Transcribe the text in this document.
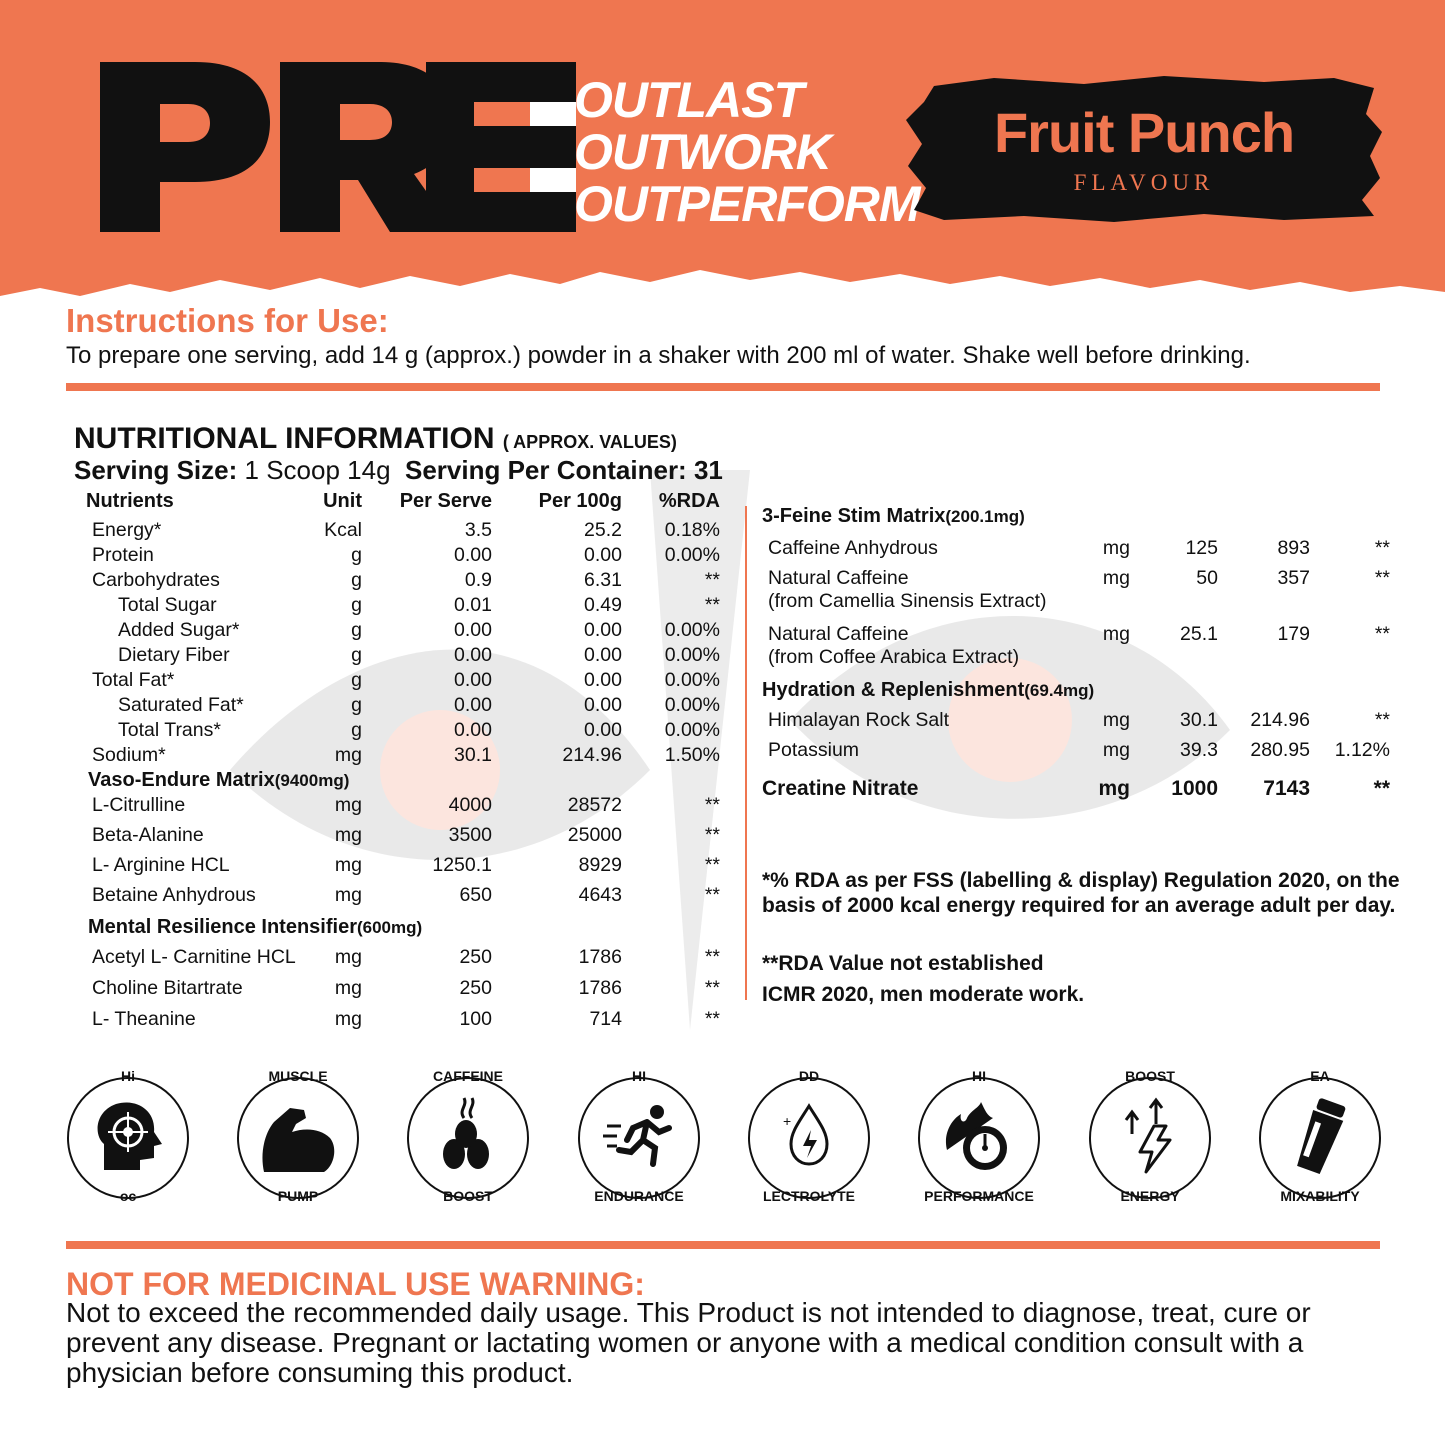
OUTLAST
OUTWORK
OUTPERFORM
Fruit Punch
FLAVOUR
Instructions for Use:
To prepare one serving, add 14 g (approx.) powder in a shaker with 200 ml of water. Shake well before drinking.
NUTRITIONAL INFORMATION ( APPROX. VALUES)
Serving Size: 1 Scoop 14g Serving Per Container: 31
Nutrients	Unit	Per Serve	Per 100g	%RDA
Energy*	Kcal	3.5	25.2	0.18%
Protein	g	0.00	0.00	0.00%
Carbohydrates	g	0.9	6.31	**
Total Sugar	g	0.01	0.49	**
Added Sugar*	g	0.00	0.00	0.00%
Dietary Fiber	g	0.00	0.00	0.00%
Total Fat*	g	0.00	0.00	0.00%
Saturated Fat*	g	0.00	0.00	0.00%
Total Trans*	g	0.00	0.00	0.00%
Sodium*	mg	30.1	214.96	1.50%
Vaso-Endure Matrix(9400mg)
L-Citrulline	mg	4000	28572	**
Beta-Alanine	mg	3500	25000	**
L- Arginine HCL	mg	1250.1	8929	**
Betaine Anhydrous	mg	650	4643	**
Mental Resilience Intensifier(600mg)
Acetyl L- Carnitine HCL	mg	250	1786	**
Choline Bitartrate	mg	250	1786	**
L- Theanine	mg	100	714	**
3-Feine Stim Matrix(200.1mg)
Caffeine Anhydrous	mg	125	893	**
Natural Caffeine
(from Camellia Sinensis Extract)
mg	50	357	**
Natural Caffeine
(from Coffee Arabica Extract)
mg	25.1	179	**
Hydration & Replenishment(69.4mg)
Himalayan Rock Salt	mg	30.1	214.96	**
Potassium	mg	39.3	280.95 1.12%
Creatine Nitrate	mg	1000	7143	**
*% RDA as per FSS (labelling & display) Regulation 2020, on the basis of 2000 kcal energy required for an average adult per day.
**RDA Value not established
ICMR 2020, men moderate work.
Hi
oc
MUSCLE
PUMP
CAFFEINE
BOOST
HI
ENDURANCE
+
DD
LECTROLYTE
HI
PERFORMANCE
BOOST
ENERGY
EA
MIXABILITY
NOT FOR MEDICINAL USE WARNING:
Not to exceed the recommended daily usage. This Product is not intended to diagnose, treat, cure or prevent any disease. Pregnant or lactating women or anyone with a medical condition consult with a physician before consuming this product.
